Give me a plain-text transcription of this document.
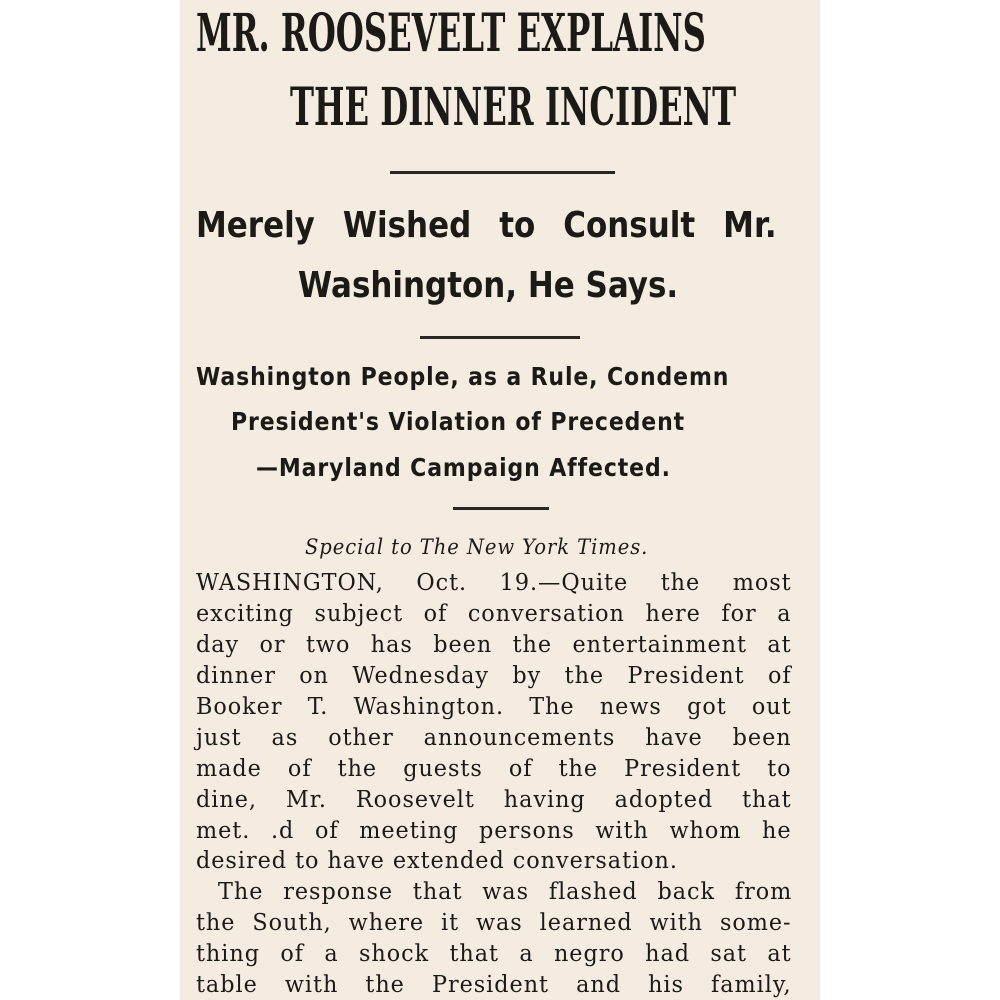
MR. ROOSEVELT EXPLAINS
THE DINNER INCIDENT
Merely Wished to Consult Mr.
Washington, He Says.
Washington People, as a Rule, Condemn
President's Violation of Precedent
—Maryland Campaign Affected.
Special to The New York Times.
WASHINGTON, Oct. 19.—Quite the most
exciting subject of conversation here for a
day or two has been the entertainment at
dinner on Wednesday by the President of
Booker T. Washington. The news got out
just as other announcements have been
made of the guests of the President to
dine, Mr. Roosevelt having adopted that
met. .d of meeting persons with whom he
desired to have extended conversation.
The response that was flashed back from
the South, where it was learned with some-
thing of a shock that a negro had sat at
table with the President and his family,
